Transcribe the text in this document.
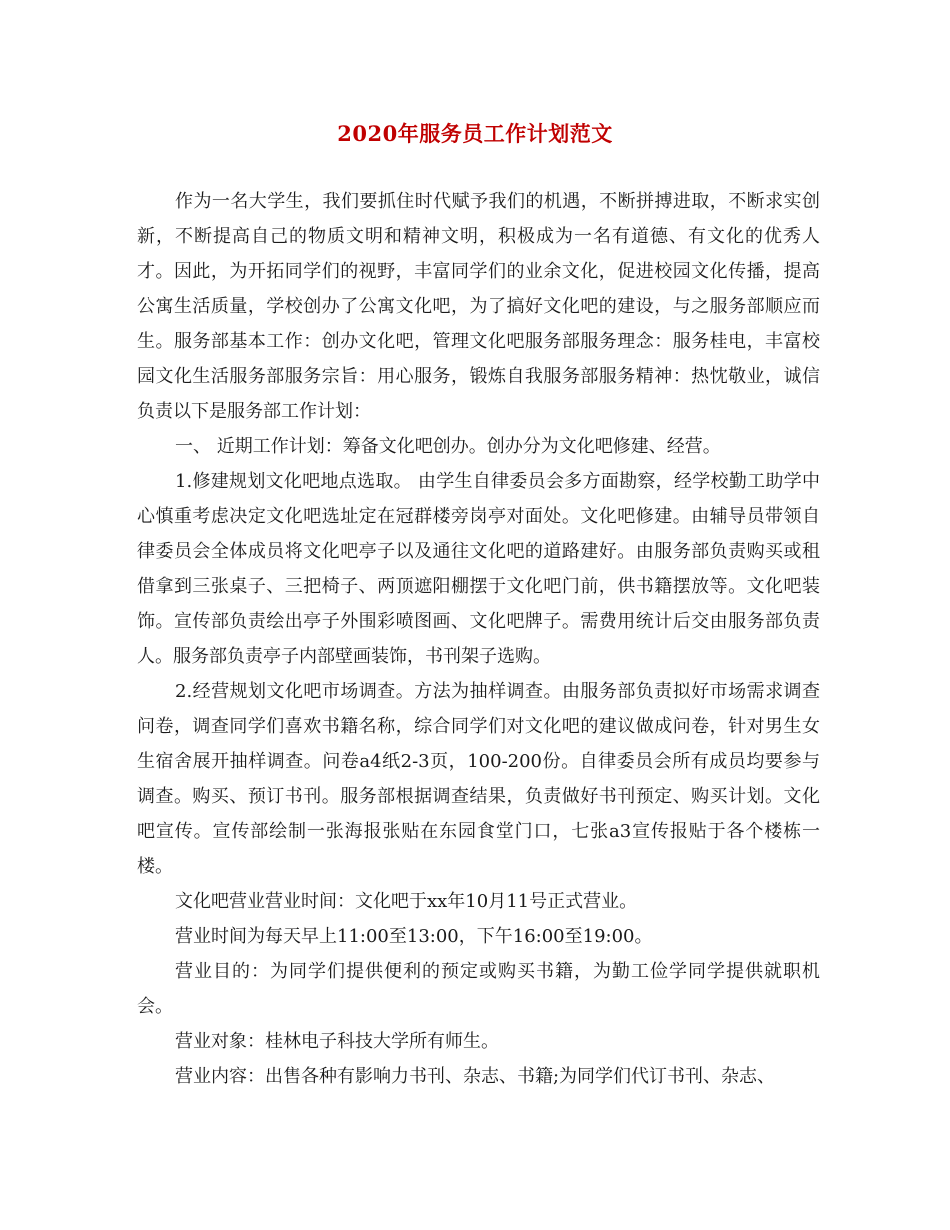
2020年服务员工作计划范文

作为一名大学生，我们要抓住时代赋予我们的机遇，不断拼搏进取，不断求实创新，不断提高自己的物质文明和精神文明，积极成为一名有道德、有文化的优秀人才。因此，为开拓同学们的视野，丰富同学们的业余文化，促进校园文化传播，提高公寓生活质量，学校创办了公寓文化吧，为了搞好文化吧的建设，与之服务部顺应而生。服务部基本工作：创办文化吧，管理文化吧服务部服务理念：服务桂电，丰富校园文化生活服务部服务宗旨：用心服务，锻炼自我服务部服务精神：热忱敬业，诚信负责以下是服务部工作计划：

一、 近期工作计划：筹备文化吧创办。创办分为文化吧修建、经营。

1.修建规划文化吧地点选取。 由学生自律委员会多方面勘察，经学校勤工助学中心慎重考虑决定文化吧选址定在冠群楼旁岗亭对面处。文化吧修建。由辅导员带领自律委员会全体成员将文化吧亭子以及通往文化吧的道路建好。由服务部负责购买或租借拿到三张桌子、三把椅子、两顶遮阳棚摆于文化吧门前，供书籍摆放等。文化吧装饰。宣传部负责绘出亭子外围彩喷图画、文化吧牌子。需费用统计后交由服务部负责人。服务部负责亭子内部壁画装饰，书刊架子选购。

2.经营规划文化吧市场调查。方法为抽样调查。由服务部负责拟好市场需求调查问卷，调查同学们喜欢书籍名称，综合同学们对文化吧的建议做成问卷，针对男生女生宿舍展开抽样调查。问卷a4纸2-3页，100-200份。自律委员会所有成员均要参与调查。购买、预订书刊。服务部根据调查结果，负责做好书刊预定、购买计划。文化吧宣传。宣传部绘制一张海报张贴在东园食堂门口，七张a3宣传报贴于各个楼栋一楼。

文化吧营业营业时间：文化吧于xx年10月11号正式营业。

营业时间为每天早上11:00至13:00，下午16:00至19:00。

营业目的：为同学们提供便利的预定或购买书籍，为勤工俭学同学提供就职机会。

营业对象：桂林电子科技大学所有师生。

营业内容：出售各种有影响力书刊、杂志、书籍;为同学们代订书刊、杂志、
